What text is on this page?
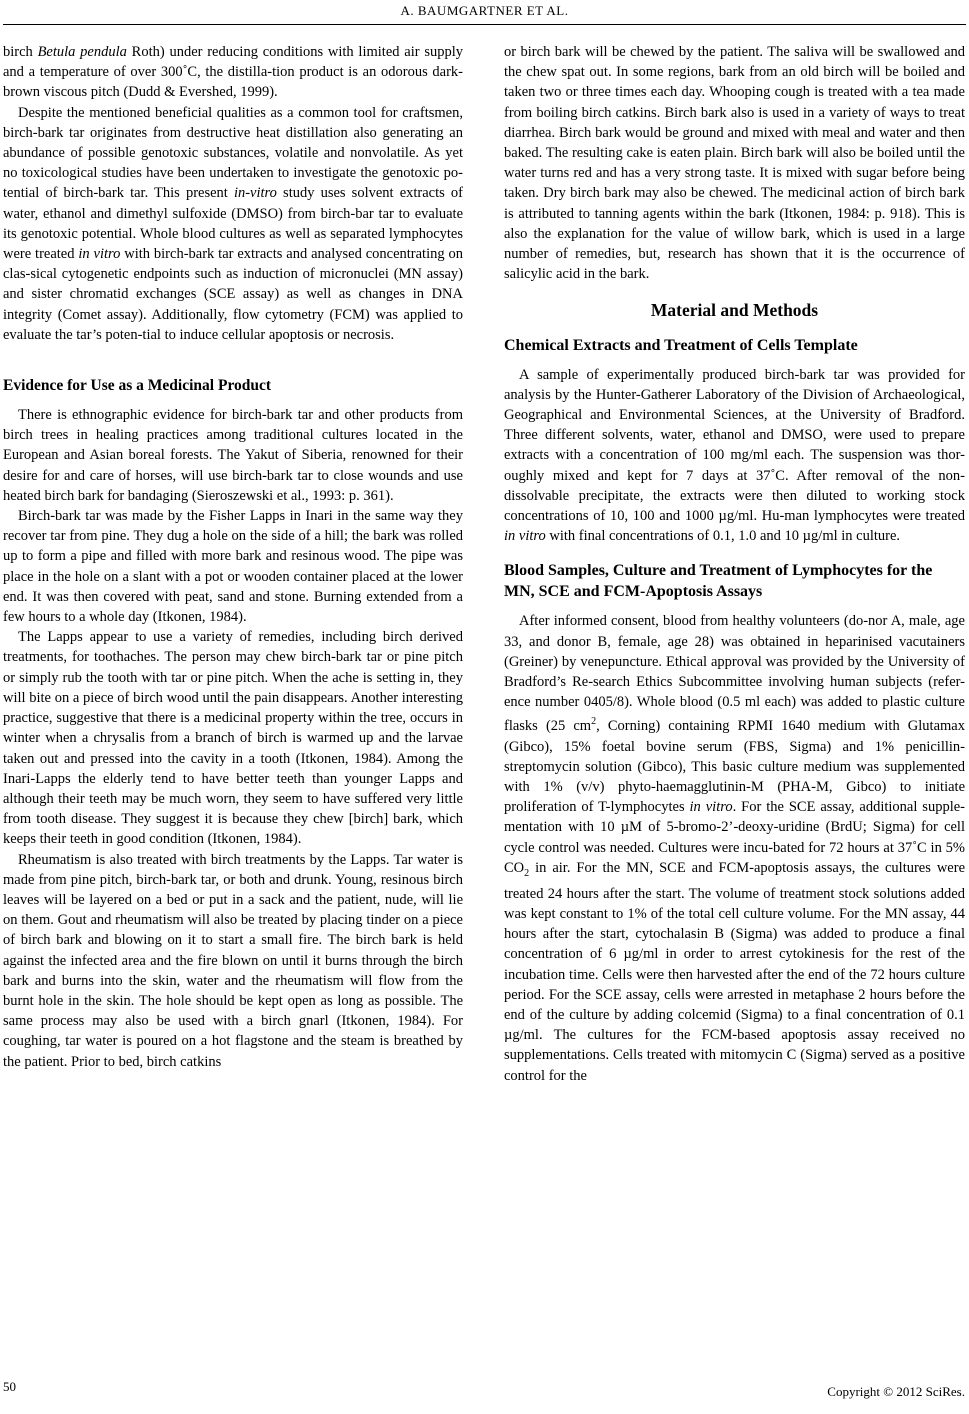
A. BAUMGARTNER ET AL.

birch Betula pendula Roth) under reducing conditions with limited air supply and a temperature of over 300˚C, the distilla-tion product is an odorous dark-brown viscous pitch (Dudd & Evershed, 1999).

Despite the mentioned beneficial qualities as a common tool for craftsmen, birch-bark tar originates from destructive heat distillation also generating an abundance of possible genotoxic substances, volatile and nonvolatile. As yet no toxicological studies have been undertaken to investigate the genotoxic po-tential of birch-bark tar. This present in-vitro study uses solvent extracts of water, ethanol and dimethyl sulfoxide (DMSO) from birch-bar tar to evaluate its genotoxic potential. Whole blood cultures as well as separated lymphocytes were treated in vitro with birch-bark tar extracts and analysed concentrating on clas-sical cytogenetic endpoints such as induction of micronuclei (MN assay) and sister chromatid exchanges (SCE assay) as well as changes in DNA integrity (Comet assay). Additionally, flow cytometry (FCM) was applied to evaluate the tar’s poten-tial to induce cellular apoptosis or necrosis.

Evidence for Use as a Medicinal Product

There is ethnographic evidence for birch-bark tar and other products from birch trees in healing practices among traditional cultures located in the European and Asian boreal forests. The Yakut of Siberia, renowned for their desire for and care of horses, will use birch-bark tar to close wounds and use heated birch bark for bandaging (Sieroszewski et al., 1993: p. 361).

Birch-bark tar was made by the Fisher Lapps in Inari in the same way they recover tar from pine. They dug a hole on the side of a hill; the bark was rolled up to form a pipe and filled with more bark and resinous wood. The pipe was place in the hole on a slant with a pot or wooden container placed at the lower end. It was then covered with peat, sand and stone. Burning extended from a few hours to a whole day (Itkonen, 1984).

The Lapps appear to use a variety of remedies, including birch derived treatments, for toothaches. The person may chew birch-bark tar or pine pitch or simply rub the tooth with tar or pine pitch. When the ache is setting in, they will bite on a piece of birch wood until the pain disappears. Another interesting practice, suggestive that there is a medicinal property within the tree, occurs in winter when a chrysalis from a branch of birch is warmed up and the larvae taken out and pressed into the cavity in a tooth (Itkonen, 1984). Among the Inari-Lapps the elderly tend to have better teeth than younger Lapps and although their teeth may be much worn, they seem to have suffered very little from tooth disease. They suggest it is because they chew [birch] bark, which keeps their teeth in good condition (Itkonen, 1984).

Rheumatism is also treated with birch treatments by the Lapps. Tar water is made from pine pitch, birch-bark tar, or both and drunk. Young, resinous birch leaves will be layered on a bed or put in a sack and the patient, nude, will lie on them. Gout and rheumatism will also be treated by placing tinder on a piece of birch bark and blowing on it to start a small fire. The birch bark is held against the infected area and the fire blown on until it burns through the birch bark and burns into the skin, water and the rheumatism will flow from the burnt hole in the skin. The hole should be kept open as long as possible. The same process may also be used with a birch gnarl (Itkonen, 1984). For coughing, tar water is poured on a hot flagstone and the steam is breathed by the patient. Prior to bed, birch catkins

or birch bark will be chewed by the patient. The saliva will be swallowed and the chew spat out. In some regions, bark from an old birch will be boiled and taken two or three times each day. Whooping cough is treated with a tea made from boiling birch catkins. Birch bark also is used in a variety of ways to treat diarrhea. Birch bark would be ground and mixed with meal and water and then baked. The resulting cake is eaten plain. Birch bark will also be boiled until the water turns red and has a very strong taste. It is mixed with sugar before being taken. Dry birch bark may also be chewed. The medicinal action of birch bark is attributed to tanning agents within the bark (Itkonen, 1984: p. 918). This is also the explanation for the value of willow bark, which is used in a large number of remedies, but, research has shown that it is the occurrence of salicylic acid in the bark.

Material and Methods
Chemical Extracts and Treatment of Cells Template

A sample of experimentally produced birch-bark tar was provided for analysis by the Hunter-Gatherer Laboratory of the Division of Archaeological, Geographical and Environmental Sciences, at the University of Bradford. Three different solvents, water, ethanol and DMSO, were used to prepare extracts with a concentration of 100 mg/ml each. The suspension was thor-oughly mixed and kept for 7 days at 37˚C. After removal of the non-dissolvable precipitate, the extracts were then diluted to working stock concentrations of 10, 100 and 1000 µg/ml. Hu-man lymphocytes were treated in vitro with final concentrations of 0.1, 1.0 and 10 µg/ml in culture.

Blood Samples, Culture and Treatment of Lymphocytes for the MN, SCE and FCM-Apoptosis Assays

After informed consent, blood from healthy volunteers (do-nor A, male, age 33, and donor B, female, age 28) was obtained in heparinised vacutainers (Greiner) by venepuncture. Ethical approval was provided by the University of Bradford’s Re-search Ethics Subcommittee involving human subjects (refer-ence number 0405/8). Whole blood (0.5 ml each) was added to plastic culture flasks (25 $cm^2$, Corning) containing RPMI 1640 medium with Glutamax (Gibco), 15% foetal bovine serum (FBS, Sigma) and 1% penicillin-streptomycin solution (Gibco), This basic culture medium was supplemented with 1% (v/v) phyto-haemagglutinin-M (PHA-M, Gibco) to initiate proliferation of T-lymphocytes in vitro. For the SCE assay, additional supple-mentation with 10 µM of 5-bromo-2’-deoxy-uridine (BrdU; Sigma) for cell cycle control was needed. Cultures were incu-bated for 72 hours at 37˚C in 5% $CO_2$ in air. For the MN, SCE and FCM-apoptosis assays, the cultures were treated 24 hours after the start. The volume of treatment stock solutions added was kept constant to 1% of the total cell culture volume. For the MN assay, 44 hours after the start, cytochalasin B (Sigma) was added to produce a final concentration of 6 µg/ml in order to arrest cytokinesis for the rest of the incubation time. Cells were then harvested after the end of the 72 hours culture period. For the SCE assay, cells were arrested in metaphase 2 hours before the end of the culture by adding colcemid (Sigma) to a final concentration of 0.1 µg/ml. The cultures for the FCM-based apoptosis assay received no supplementations. Cells treated with mitomycin C (Sigma) served as a positive control for the

50	Copyright © 2012 SciRes.
